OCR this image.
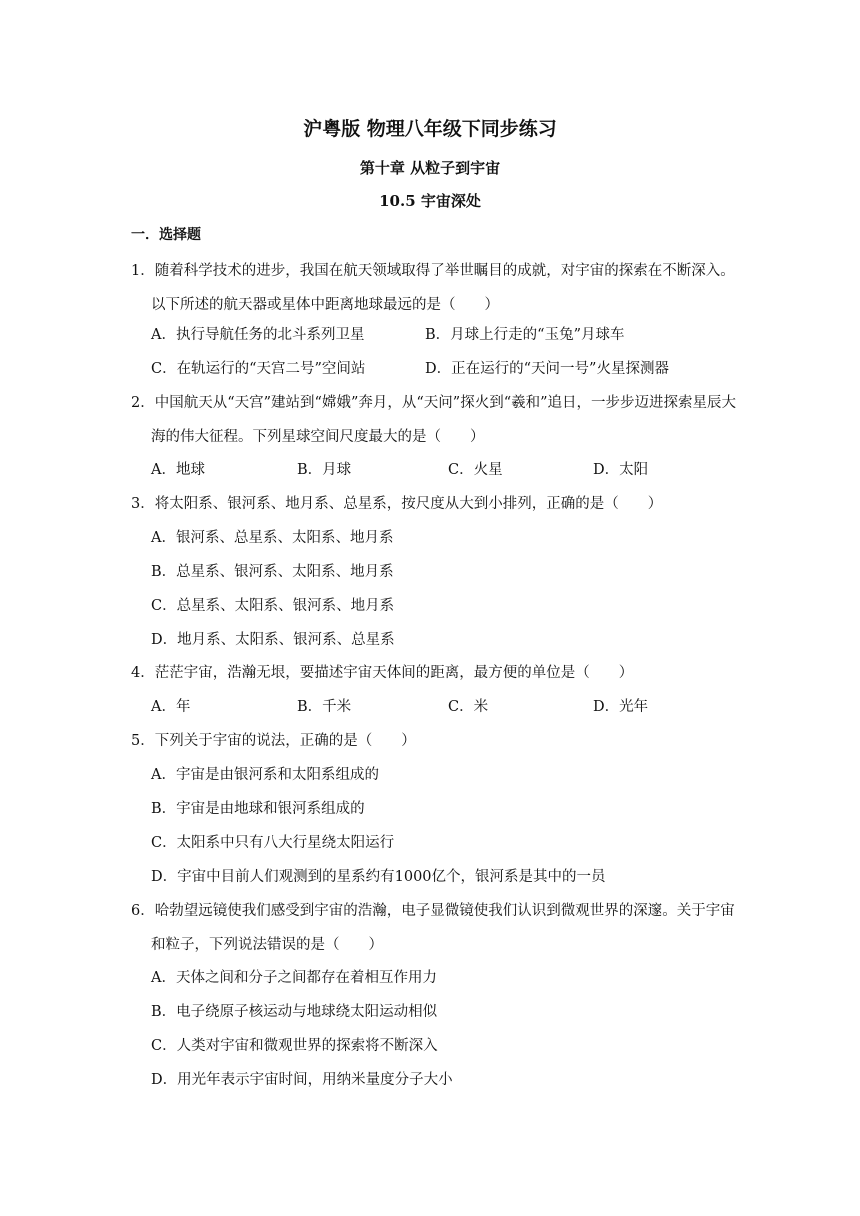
沪粤版 物理八年级下同步练习
第十章 从粒子到宇宙
10.5 宇宙深处
一．选择题
1．随着科学技术的进步，我国在航天领域取得了举世瞩目的成就，对宇宙的探索在不断深入。以下所述的航天器或星体中距离地球最远的是（　　）
A．执行导航任务的北斗系列卫星	B．月球上行走的“玉兔”月球车
C．在轨运行的“天宫二号”空间站	D．正在运行的“天问一号”火星探测器
2．中国航天从“天宫”建站到“嫦娥”奔月，从“天问”探火到“羲和”追日，一步步迈进探索星辰大海的伟大征程。下列星球空间尺度最大的是（　　）
A．地球	B．月球	C．火星	D．太阳
3．将太阳系、银河系、地月系、总星系，按尺度从大到小排列，正确的是（　　）
A．银河系、总星系、太阳系、地月系
B．总星系、银河系、太阳系、地月系
C．总星系、太阳系、银河系、地月系
D．地月系、太阳系、银河系、总星系
4．茫茫宇宙，浩瀚无垠，要描述宇宙天体间的距离，最方便的单位是（　　）
A．年	B．千米	C．米	D．光年
5．下列关于宇宙的说法，正确的是（　　）
A．宇宙是由银河系和太阳系组成的
B．宇宙是由地球和银河系组成的
C．太阳系中只有八大行星绕太阳运行
D．宇宙中目前人们观测到的星系约有1000亿个，银河系是其中的一员
6．哈勃望远镜使我们感受到宇宙的浩瀚，电子显微镜使我们认识到微观世界的深邃。关于宇宙和粒子，下列说法错误的是（　　）
A．天体之间和分子之间都存在着相互作用力
B．电子绕原子核运动与地球绕太阳运动相似
C．人类对宇宙和微观世界的探索将不断深入
D．用光年表示宇宙时间，用纳米量度分子大小
